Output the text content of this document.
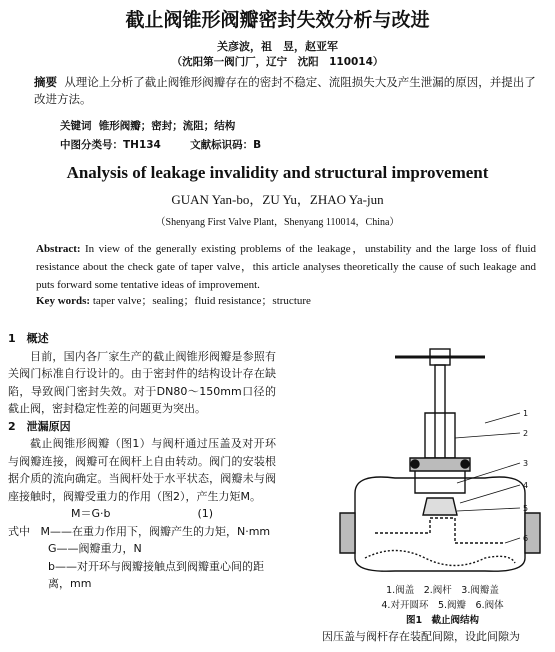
截止阀锥形阀瓣密封失效分析与改进
关彦波，祖　昱，赵亚军
（沈阳第一阀门厂，辽宁　沈阳　110014）
摘要 从理论上分析了截止阀锥形阀瓣存在的密封不稳定、流阻损失大及产生泄漏的原因，并提出了改进方法。
关键词 锥形阀瓣；密封；流阻；结构
中图分类号：TH134	文献标识码：B
Analysis of leakage invalidity and structural improvement
GUAN Yan-bo，ZU Yu，ZHAO Ya-jun
（Shenyang First Valve Plant，Shenyang 110014，China）
Abstract: In view of the generally existing problems of the leakage，unstability and the large loss of fluid resistance about the check gate of taper valve，this article analyses theoretically the cause of such leakage and puts forward some tentative ideas of improvement.
Key words: taper valve；sealing；fluid resistance；structure
1　概述

目前，国内各厂家生产的截止阀锥形阀瓣是参照有关阀门标准自行设计的。由于密封件的结构设计存在缺陷，导致阀门密封失效。对于DN80～150mm口径的截止阀，密封稳定性差的问题更为突出。

2　泄漏原因

截止阀锥形阀瓣（图1）与阀杆通过压盖及对开环与阀瓣连接，阀瓣可在阀杆上自由转动。阀门的安装根据介质的流向确定。当阀杆处于水平状态，阀瓣未与阀座接触时，阀瓣受重力的作用（图2），产生力矩M。

M＝G·b	(1)

式中 M——在重力作用下，阀瓣产生的力矩，N·mm
G——阀瓣重力，N
b——对开环与阀瓣接触点到阀瓣重心间的距离，mm
1
2
3
4
5
6
1.阀盖　2.阀杆　3.阀瓣盖
4.对开圆环　5.阀瓣　6.阀体
图1　截止阀结构
因压盖与阀杆存在装配间隙，设此间隙为
